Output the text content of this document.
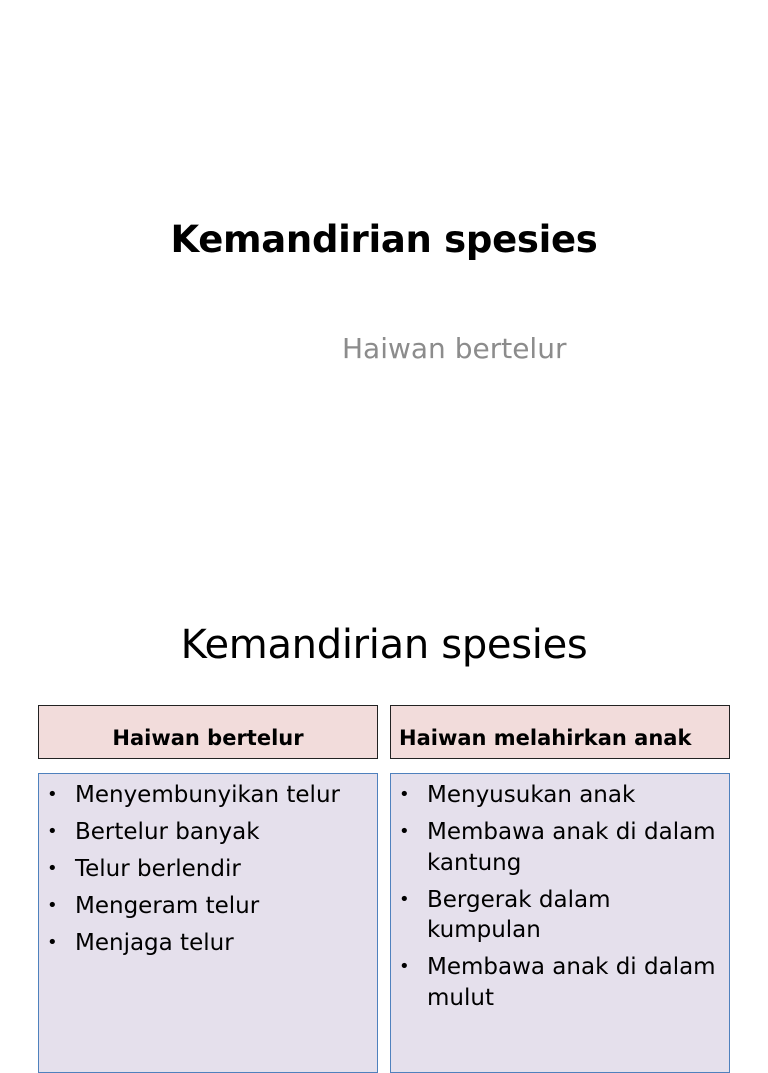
Kemandirian spesies
Haiwan bertelur
Kemandirian spesies
Haiwan bertelur	Haiwan melahirkan anak
• Menyembunyikan telur
• Bertelur banyak
• Telur berlendir
• Mengeram telur
• Menjaga telur
• Menyusukan anak
• Membawa anak di dalam kantung
• Bergerak dalam kumpulan
• Membawa anak di dalam mulut
